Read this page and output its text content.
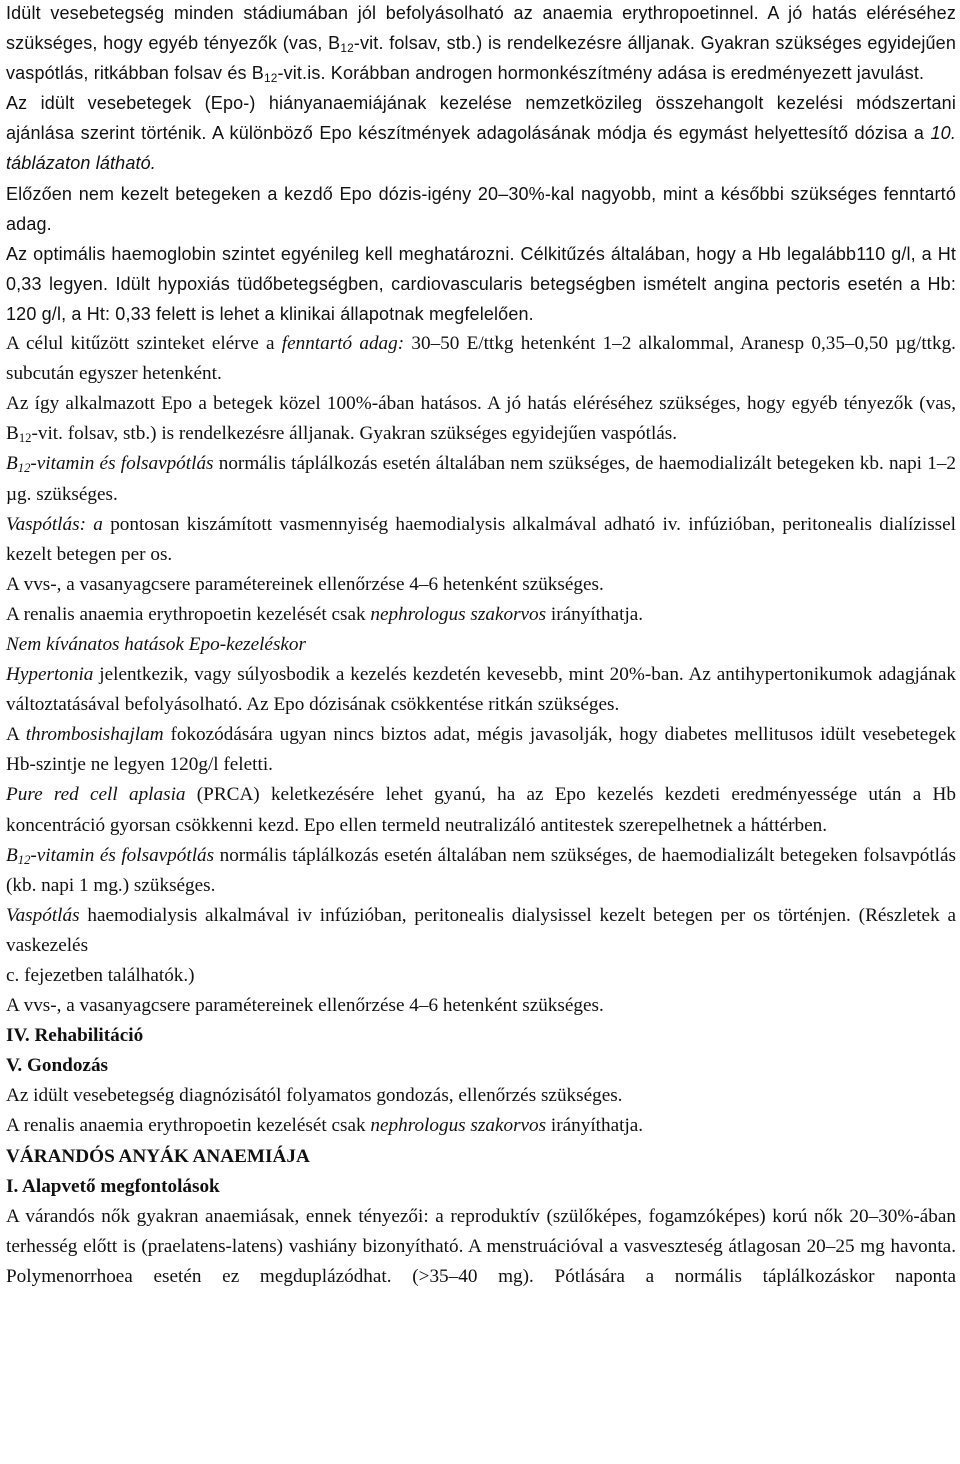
Idült vesebetegség minden stádiumában jól befolyásolható az anaemia erythropoetinnel. A jó hatás eléréséhez szükséges, hogy egyéb tényezők (vas, $B_{12}$-vit. folsav, stb.) is rendelkezésre álljanak. Gyakran szükséges egyidejűen vaspótlás, ritkábban folsav és $B_{12}-vit.is$. Korábban androgen hormonkészítmény adása is eredményezett javulást.

Az idült vesebetegek (Epo-) hiányanaemiájának kezelése nemzetközileg összehangolt kezelési módszertani ajánlása szerint történik. A különböző Epo készítmények adagolásának módja és egymást helyettesítő dózisa a 10. táblázaton látható.

Előzően nem kezelt betegeken a kezdő Epo dózis-igény 20–30%-kal nagyobb, mint a későbbi szükséges fenntartó adag.

Az optimális haemoglobin szintet egyénileg kell meghatározni. Célkitűzés általában, hogy a Hb legalább110 g/l, a Ht 0,33 legyen. Idült hypoxiás tüdőbetegségben, cardiovascularis betegségben ismételt angina pectoris esetén a Hb: 120 g/l, a Ht: 0,33 felett is lehet a klinikai állapotnak megfelelően.

A célul kitűzött szinteket elérve a fenntartó adag: 30–50 E/ttkg hetenként 1–2 alkalommal, Aranesp 0,35–0,50 µg/ttkg. subcután egyszer hetenként.

Az így alkalmazott Epo a betegek közel 100%-ában hatásos. A jó hatás eléréséhez szükséges, hogy egyéb tényezők (vas, $B_{12}$-vit. folsav, stb.) is rendelkezésre álljanak. Gyakran szükséges egyidejűen vaspótlás.

$B_{12}$-vitamin és folsavpótlás normális táplálkozás esetén általában nem szükséges, de haemodializált betegeken kb. napi 1–2 µg. szükséges.

Vaspótlás: a pontosan kiszámított vasmennyiség haemodialysis alkalmával adható iv. infúzióban, peritonealis dialízissel kezelt betegen per os.

A vvs-, a vasanyagcsere paramétereinek ellenőrzése 4–6 hetenként szükséges.

A renalis anaemia erythropoetin kezelését csak nephrologus szakorvos irányíthatja.

Nem kívánatos hatások Epo-kezeléskor

Hypertonia jelentkezik, vagy súlyosbodik a kezelés kezdetén kevesebb, mint 20%-ban. Az antihypertonikumok adagjának változtatásával befolyásolható. Az Epo dózisának csökkentése ritkán szükséges.

A thrombosishajlam fokozódására ugyan nincs biztos adat, mégis javasolják, hogy diabetes mellitusos idült vesebetegek Hb-szintje ne legyen 120g/l feletti.

Pure red cell aplasia (PRCA) keletkezésére lehet gyanú, ha az Epo kezelés kezdeti eredményessége után a Hb koncentráció gyorsan csökkenni kezd. Epo ellen termeld neutralizáló antitestek szerepelhetnek a háttérben.

$B_{12}$-vitamin és folsavpótlás normális táplálkozás esetén általában nem szükséges, de haemodializált betegeken folsavpótlás (kb. napi 1 mg.) szükséges.

Vaspótlás haemodialysis alkalmával iv infúzióban, peritonealis dialysissel kezelt betegen per os történjen. (Részletek a vaskezelés
c. fejezetben találhatók.)

A vvs-, a vasanyagcsere paramétereinek ellenőrzése 4–6 hetenként szükséges.

IV. Rehabilitáció

V. Gondozás

Az idült vesebetegség diagnózisától folyamatos gondozás, ellenőrzés szükséges.

A renalis anaemia erythropoetin kezelését csak nephrologus szakorvos irányíthatja.

VÁRANDÓS ANYÁK ANAEMIÁJA

I. Alapvető megfontolások

A várandós nők gyakran anaemiásak, ennek tényezői: a reproduktív (szülőképes, fogamzóképes) korú nők 20–30%-ában terhesség előtt is (praelatens-latens) vashiány bizonyítható. A menstruációval a vasveszteség átlagosan 20–25 mg havonta. Polymenorrhoea esetén ez megduplázódhat. (>35–40 mg). Pótlására a normális táplálkozáskor naponta
